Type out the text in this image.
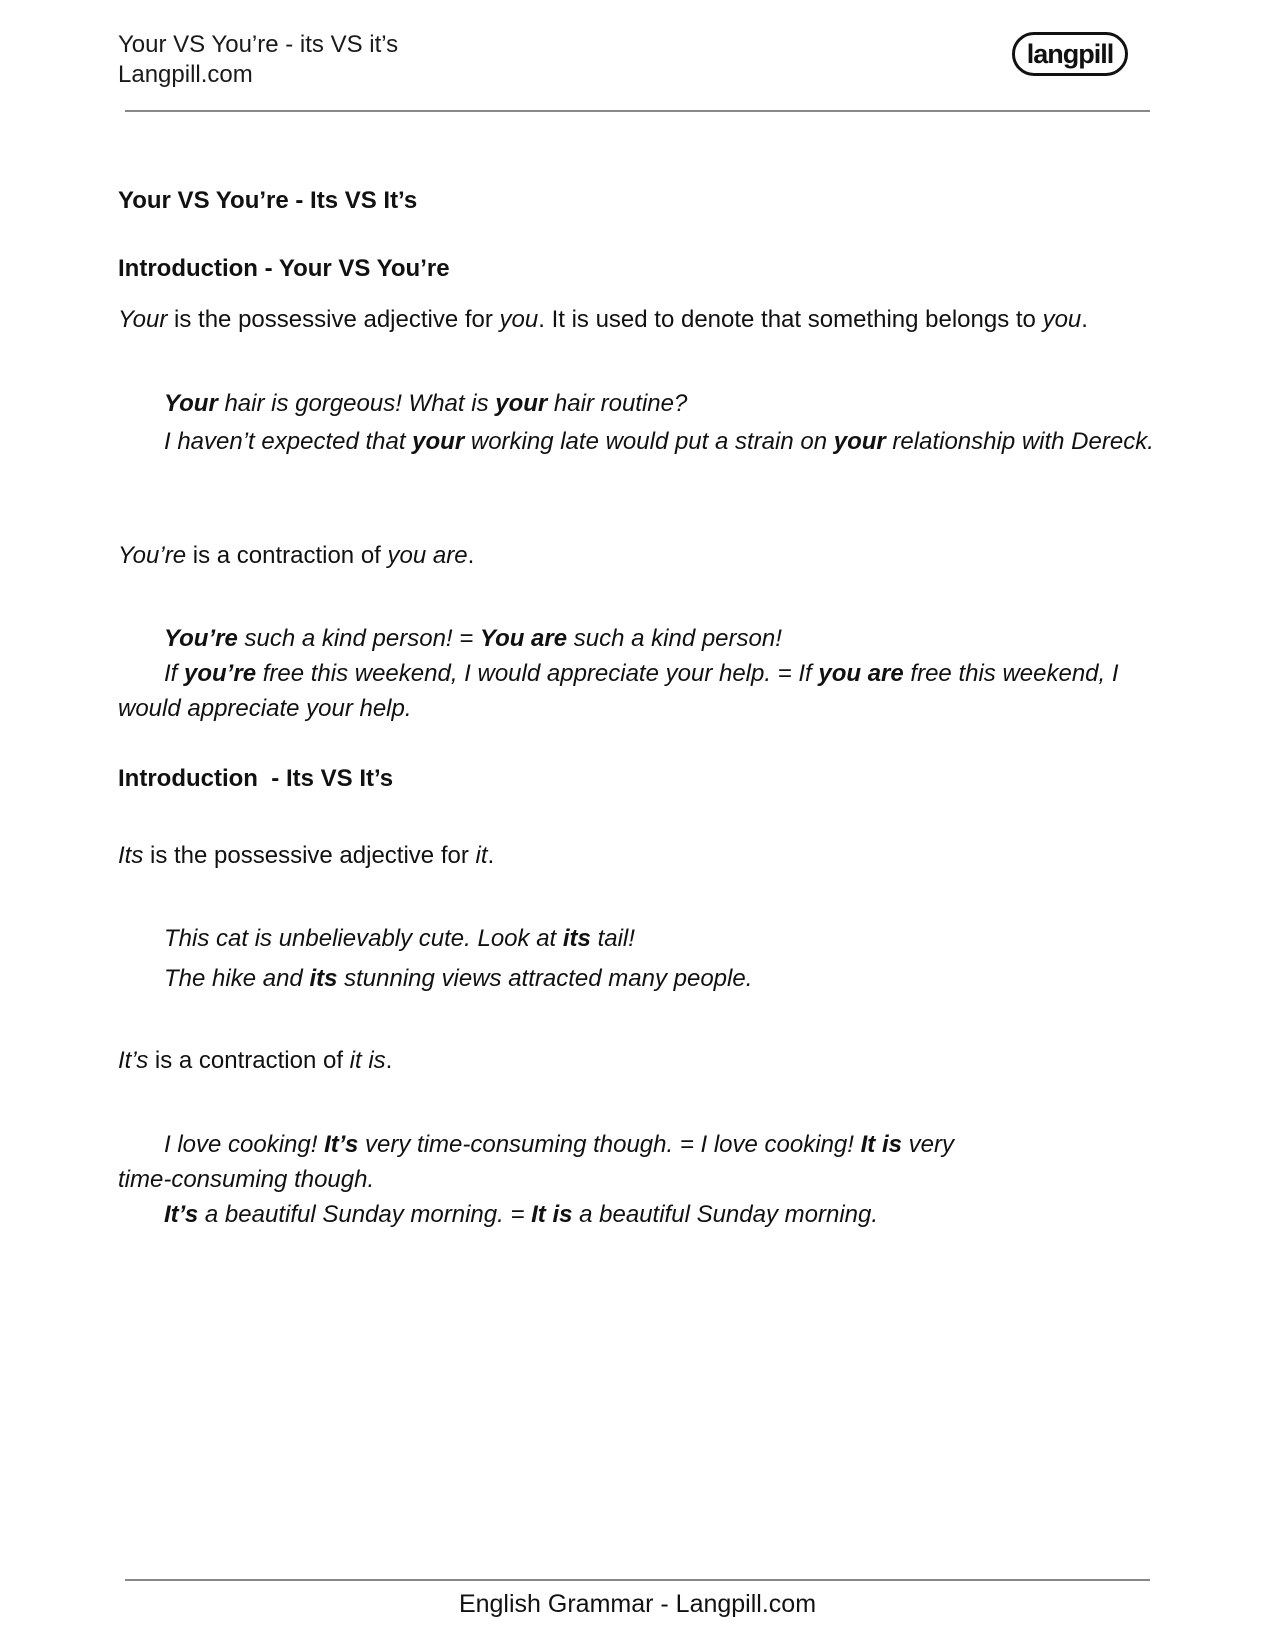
Your VS You’re - its VS it’s
Langpill.com
langpill
Your VS You’re - Its VS It’s
Introduction - Your VS You’re
Your is the possessive adjective for you. It is used to denote that something belongs to you.
Your hair is gorgeous! What is your hair routine?
I haven’t expected that your working late would put a strain on your relationship with Dereck.
You’re is a contraction of you are.
You’re such a kind person! = You are such a kind person!
If you’re free this weekend, I would appreciate your help. = If you are free this weekend, I would appreciate your help.
Introduction  - Its VS It’s
Its is the possessive adjective for it.
This cat is unbelievably cute. Look at its tail!
The hike and its stunning views attracted many people.
It’s is a contraction of it is.
I love cooking! It’s very time-consuming though. = I love cooking! It is very time-consuming though.
It’s a beautiful Sunday morning. = It is a beautiful Sunday morning.
English Grammar - Langpill.com
